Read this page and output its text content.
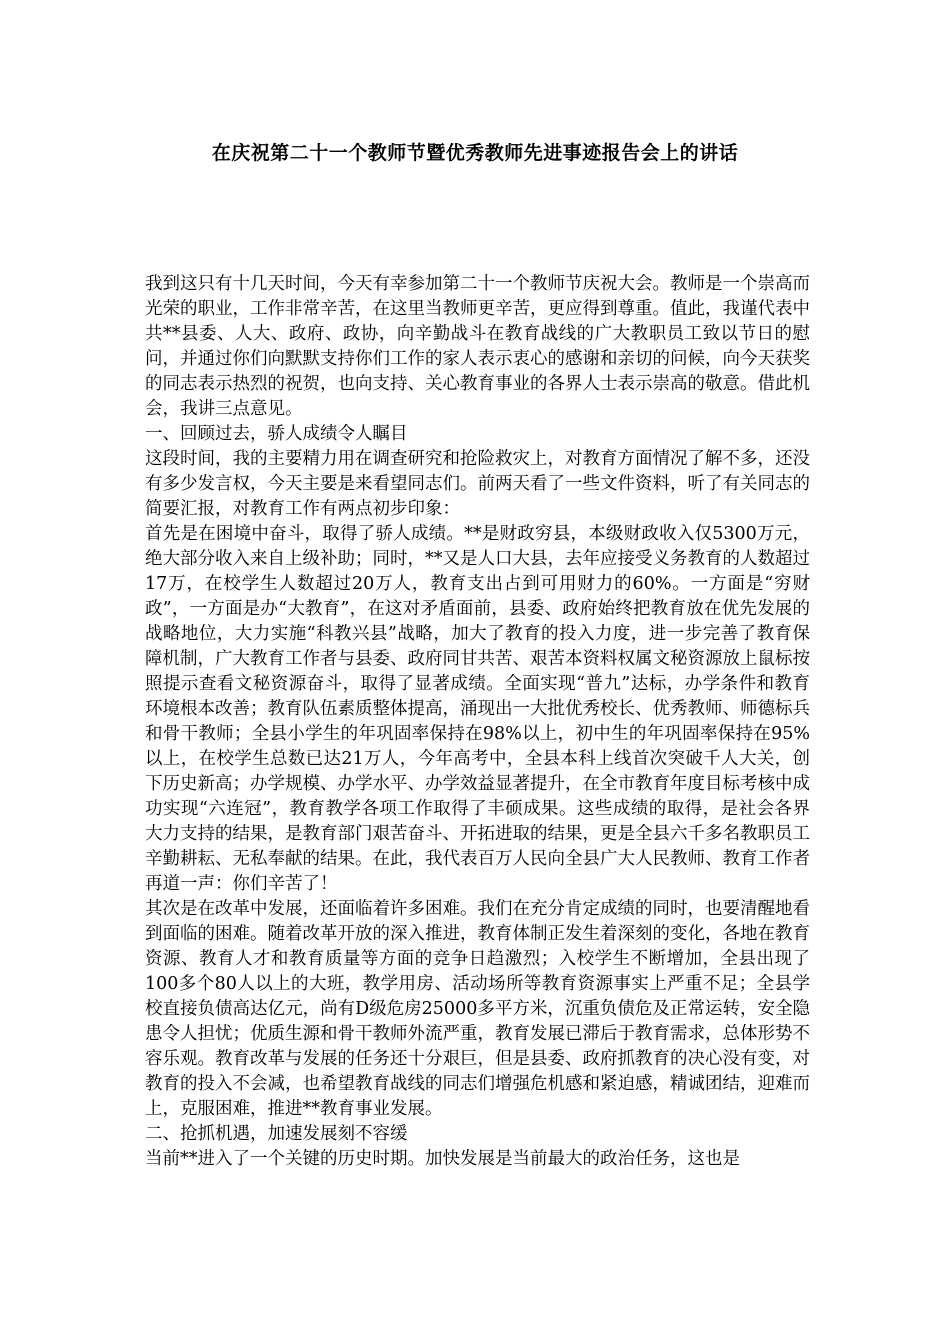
在庆祝第二十一个教师节暨优秀教师先进事迹报告会上的讲话

我到这只有十几天时间，今天有幸参加第二十一个教师节庆祝大会。教师是一个崇高而光荣的职业，工作非常辛苦，在这里当教师更辛苦，更应得到尊重。值此，我谨代表中共**县委、人大、政府、政协，向辛勤战斗在教育战线的广大教职员工致以节日的慰问，并通过你们向默默支持你们工作的家人表示衷心的感谢和亲切的问候，向今天获奖的同志表示热烈的祝贺，也向支持、关心教育事业的各界人士表示崇高的敬意。借此机会，我讲三点意见。

一、回顾过去，骄人成绩令人瞩目

这段时间，我的主要精力用在调查研究和抢险救灾上，对教育方面情况了解不多，还没有多少发言权，今天主要是来看望同志们。前两天看了一些文件资料，听了有关同志的简要汇报，对教育工作有两点初步印象：

首先是在困境中奋斗，取得了骄人成绩。**是财政穷县，本级财政收入仅5300万元，绝大部分收入来自上级补助；同时，**又是人口大县，去年应接受义务教育的人数超过17万，在校学生人数超过20万人，教育支出占到可用财力的60%。一方面是“穷财政”，一方面是办“大教育”，在这对矛盾面前，县委、政府始终把教育放在优先发展的战略地位，大力实施“科教兴县”战略，加大了教育的投入力度，进一步完善了教育保障机制，广大教育工作者与县委、政府同甘共苦、艰苦本资料权属文秘资源放上鼠标按照提示查看文秘资源奋斗，取得了显著成绩。全面实现“普九”达标，办学条件和教育环境根本改善；教育队伍素质整体提高，涌现出一大批优秀校长、优秀教师、师德标兵和骨干教师；全县小学生的年巩固率保持在98%以上，初中生的年巩固率保持在95%以上，在校学生总数已达21万人，今年高考中，全县本科上线首次突破千人大关，创下历史新高；办学规模、办学水平、办学效益显著提升，在全市教育年度目标考核中成功实现“六连冠”，教育教学各项工作取得了丰硕成果。这些成绩的取得，是社会各界大力支持的结果，是教育部门艰苦奋斗、开拓进取的结果，更是全县六千多名教职员工辛勤耕耘、无私奉献的结果。在此，我代表百万人民向全县广大人民教师、教育工作者再道一声：你们辛苦了！

其次是在改革中发展，还面临着许多困难。我们在充分肯定成绩的同时，也要清醒地看到面临的困难。随着改革开放的深入推进，教育体制正发生着深刻的变化，各地在教育资源、教育人才和教育质量等方面的竞争日趋激烈；入校学生不断增加，全县出现了100多个80人以上的大班，教学用房、活动场所等教育资源事实上严重不足；全县学校直接负债高达亿元，尚有D级危房25000多平方米，沉重负债危及正常运转，安全隐患令人担忧；优质生源和骨干教师外流严重，教育发展已滞后于教育需求，总体形势不容乐观。教育改革与发展的任务还十分艰巨，但是县委、政府抓教育的决心没有变，对教育的投入不会减，也希望教育战线的同志们增强危机感和紧迫感，精诚团结，迎难而上，克服困难，推进**教育事业发展。

二、抢抓机遇，加速发展刻不容缓

当前**进入了一个关键的历史时期。加快发展是当前最大的政治任务，这也是
